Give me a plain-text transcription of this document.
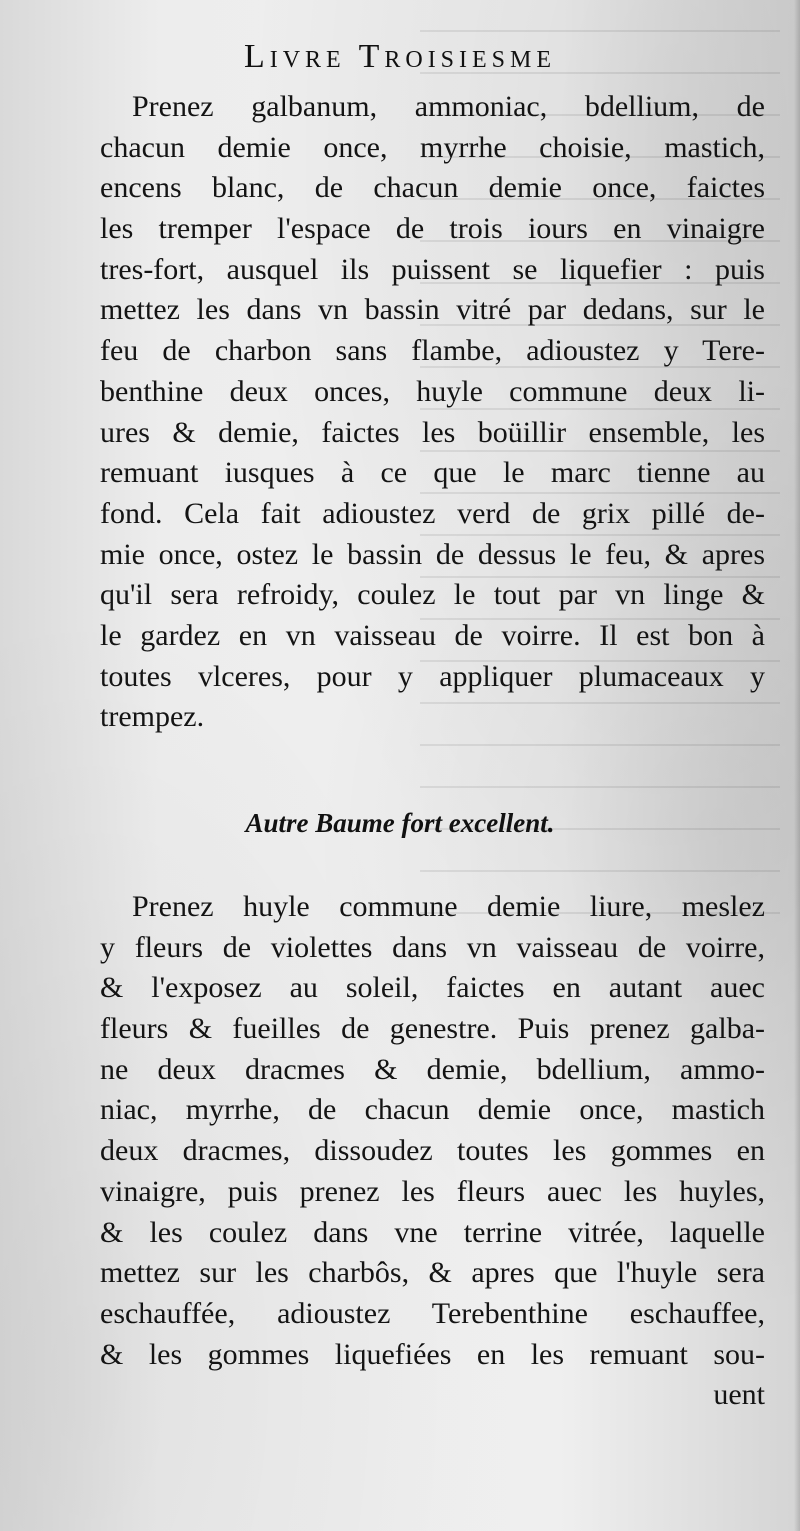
Livre Troisiesme
Prenez galbanum, ammoniac, bdellium, de
chacun demie once, myrrhe choisie, mastich,
encens blanc, de chacun demie once, faictes
les tremper l'espace de trois iours en vinaigre
tres-fort, ausquel ils puissent se liquefier : puis
mettez les dans vn bassin vitré par dedans, sur le
feu de charbon sans flambe, adioustez y Tere-
benthine deux onces, huyle commune deux li-
ures & demie, faictes les boüillir ensemble, les
remuant iusques à ce que le marc tienne au
fond. Cela fait adioustez verd de grix pillé de-
mie once, ostez le bassin de dessus le feu, & apres
qu'il sera refroidy, coulez le tout par vn linge &
le gardez en vn vaisseau de voirre. Il est bon à
toutes vlceres, pour y appliquer plumaceaux y
trempez.
Autre Baume fort excellent.
Prenez huyle commune demie liure, meslez
y fleurs de violettes dans vn vaisseau de voirre,
& l'exposez au soleil, faictes en autant auec
fleurs & fueilles de genestre. Puis prenez galba-
ne deux dracmes & demie, bdellium, ammo-
niac, myrrhe, de chacun demie once, mastich
deux dracmes, dissoudez toutes les gommes en
vinaigre, puis prenez les fleurs auec les huyles,
& les coulez dans vne terrine vitrée, laquelle
mettez sur les charbôs, & apres que l'huyle sera
eschauffée, adioustez Terebenthine eschauffee,
& les gommes liquefiées en les remuant sou-
uent
